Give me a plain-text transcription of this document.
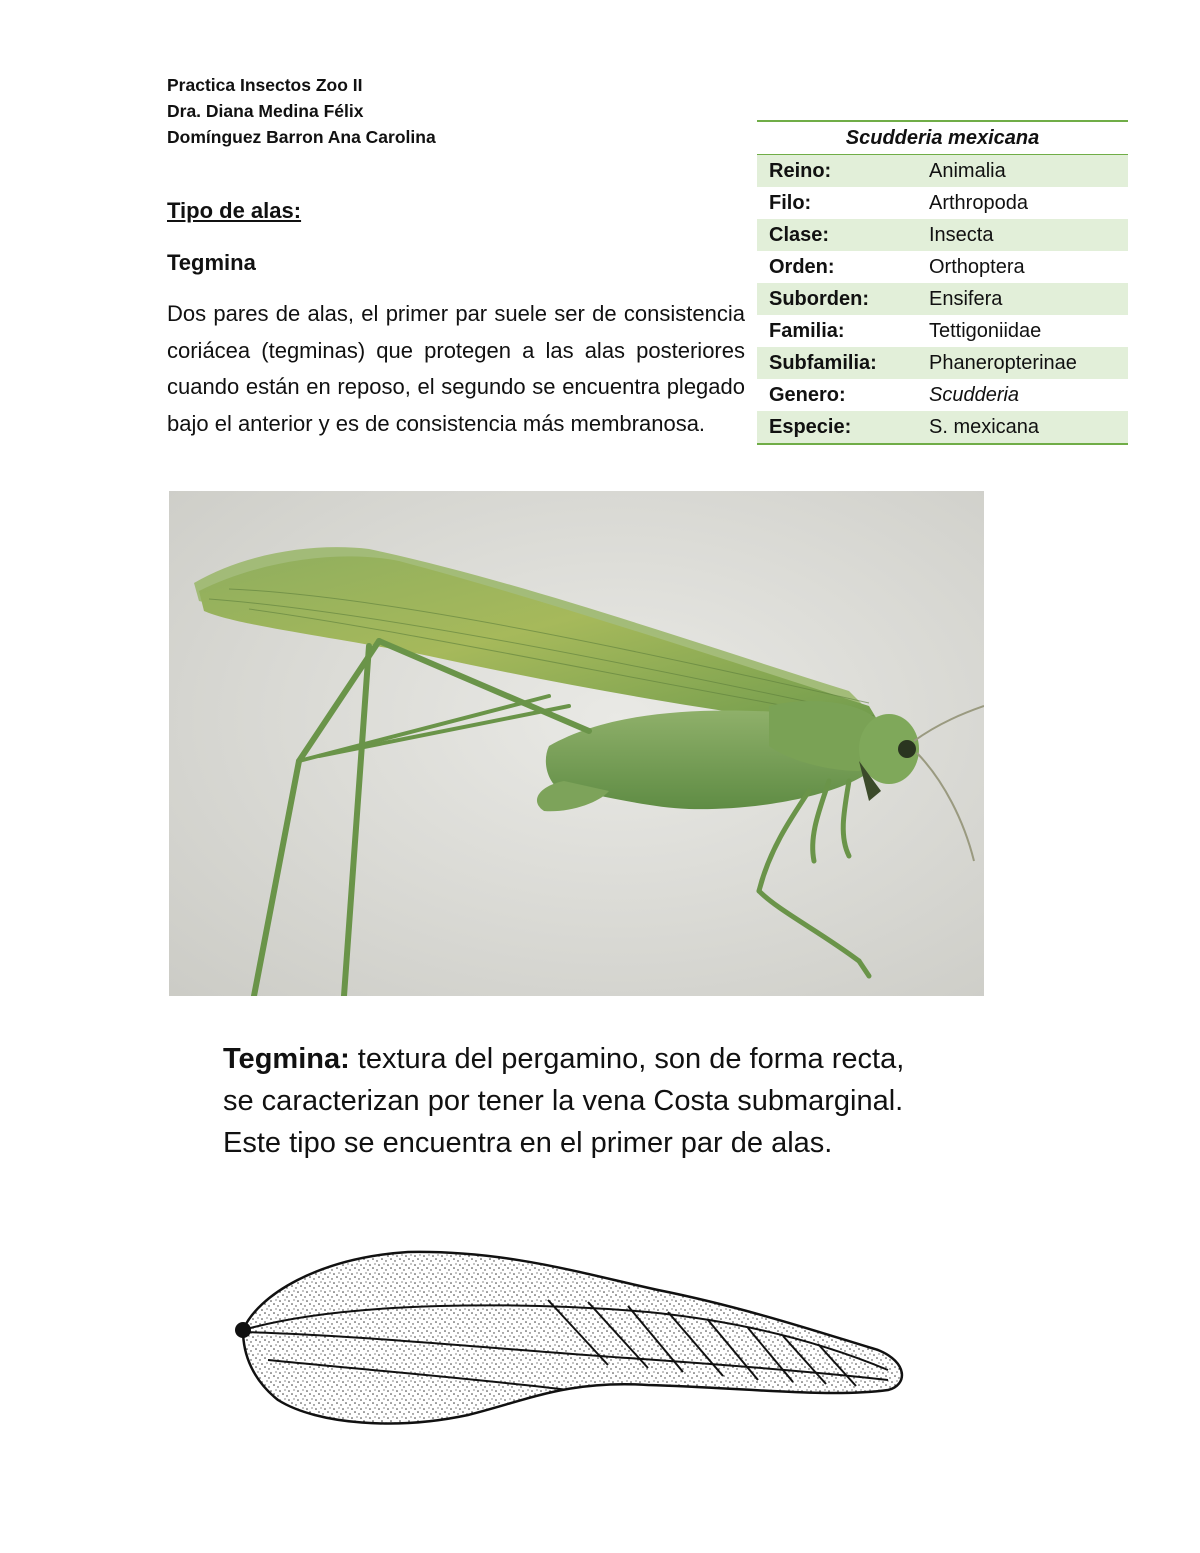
Practica Insectos Zoo II
Dra. Diana Medina Félix
Domínguez Barron Ana Carolina
Tipo de alas:
Tegmina
Dos pares de alas, el primer par suele ser de consistencia coriácea (tegminas) que protegen a las alas posteriores cuando están en reposo, el segundo se encuentra plegado bajo el anterior y es de consistencia más membranosa.
Scudderia mexicana	
Reino:	Animalia
Filo:	Arthropoda
Clase:	Insecta
Orden:	Orthoptera
Suborden:	Ensifera
Familia:	Tettigoniidae
Subfamilia:	Phaneropterinae
Genero:	Scudderia
Especie:	S. mexicana
Tegmina: textura del pergamino, son de forma recta,
se caracterizan por tener la vena Costa submarginal.
Este tipo se encuentra en el primer par de alas.
